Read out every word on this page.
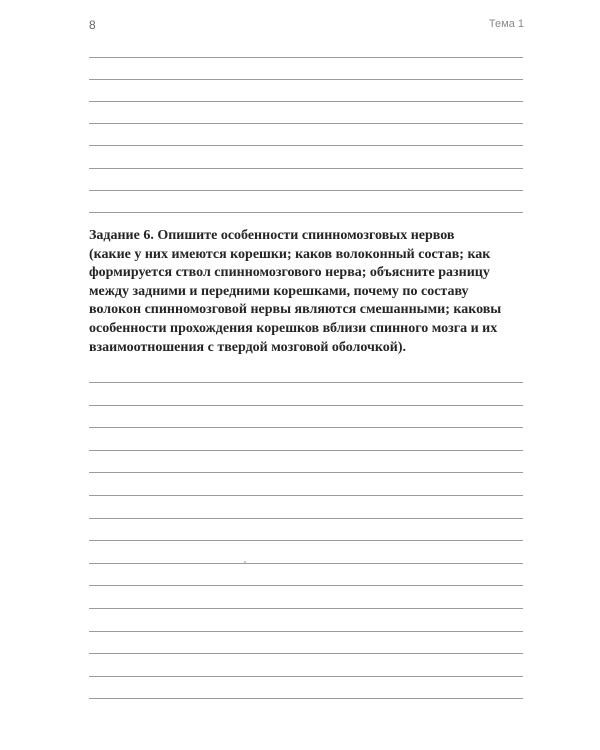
8	Тема 1

Задание 6. Опишите особенности спинномозговых нервов
(какие у них имеются корешки; каков волоконный состав; как
формируется ствол спинномозгового нерва; объясните разницу
между задними и передними корешками, почему по составу
волокон спинномозговой нервы являются смешанными; каковы
особенности прохождения корешков вблизи спинного мозга и их
взаимоотношения с твердой мозговой оболочкой).
